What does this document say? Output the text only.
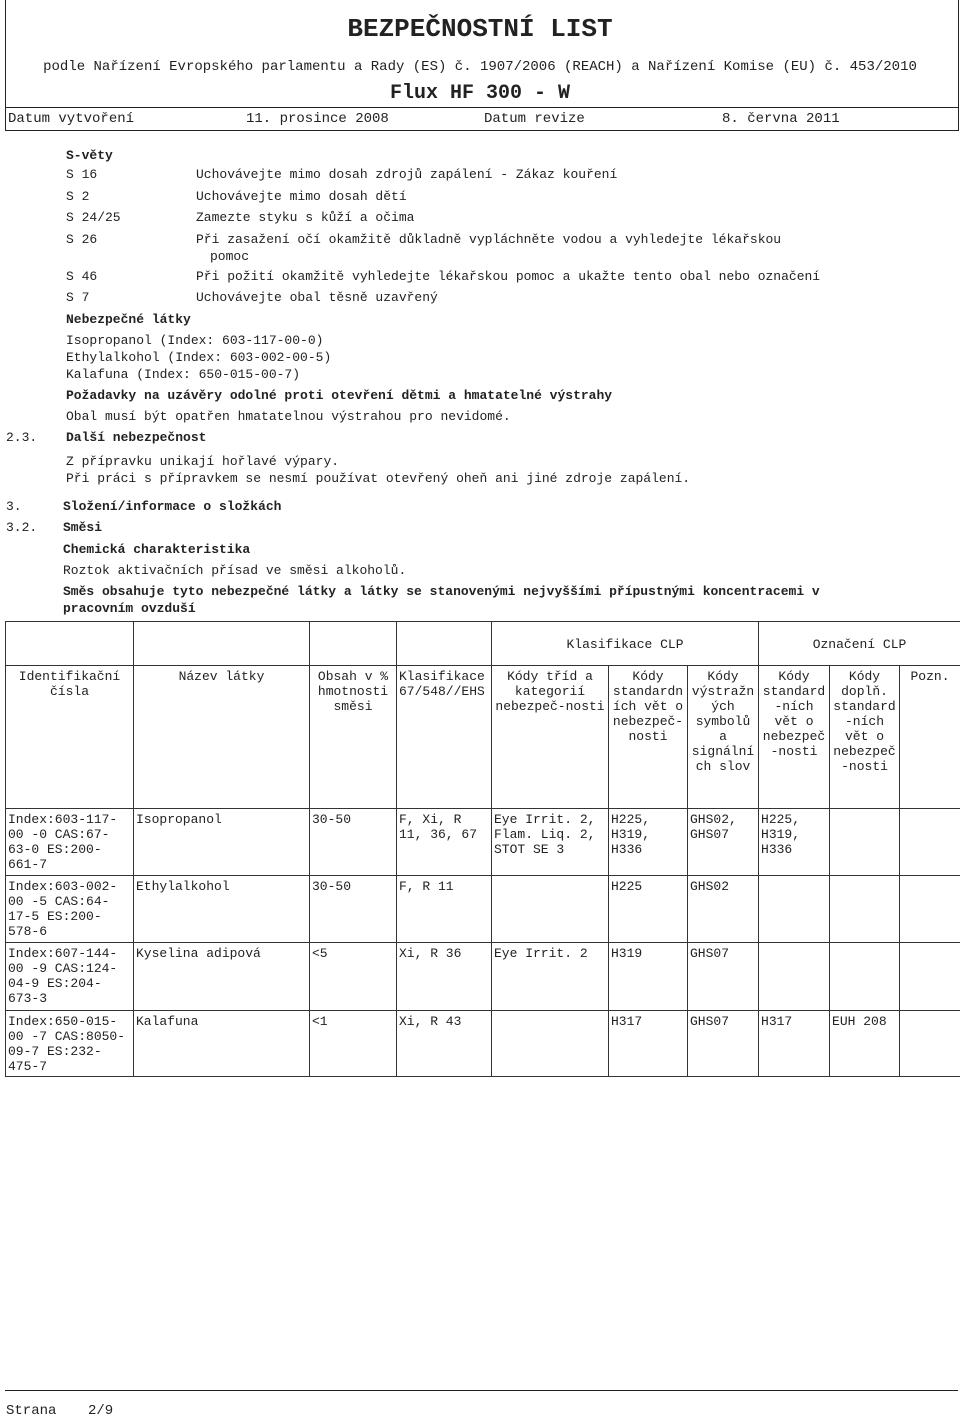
BEZPEČNOSTNÍ LIST
podle Nařízení Evropského parlamentu a Rady (ES) č. 1907/2006 (REACH) a Nařízení Komise (EU) č. 453/2010
Flux HF 300 - W
Datum vytvoření	11. prosince 2008	Datum revize	8. června 2011
S-věty
S 16	Uchovávejte mimo dosah zdrojů zapálení - Zákaz kouření
S 2	Uchovávejte mimo dosah dětí
S 24/25	Zamezte styku s kůží a očima
S 26	Při zasažení očí okamžitě důkladně vypláchněte vodou a vyhledejte lékařskou
pomoc
S 46	Při požití okamžitě vyhledejte lékařskou pomoc a ukažte tento obal nebo označení
S 7	Uchovávejte obal těsně uzavřený
Nebezpečné látky
Isopropanol (Index: 603-117-00-0)
Ethylalkohol (Index: 603-002-00-5)
Kalafuna (Index: 650-015-00-7)
Požadavky na uzávěry odolné proti otevření dětmi a hmatatelné výstrahy
Obal musí být opatřen hmatatelnou výstrahou pro nevidomé.
2.3. Další nebezpečnost
Z přípravku unikají hořlavé výpary.
Při práci s přípravkem se nesmí používat otevřený oheň ani jiné zdroje zapálení.
3.	Složení/informace o složkách
3.2. Směsi
Chemická charakteristika
Roztok aktivačních přísad ve směsi alkoholů.
Směs obsahuje tyto nebezpečné látky a látky se stanovenými nejvyššími přípustnými koncentracemi v
pracovním ovzduší
				Klasifikace CLP			Označení CLP		
Identifikační čísla	Název látky	Obsah v % hmotnosti směsi	Klasifikace 67/548//EHS	Kódy tříd a kategorií nebezpeč-nosti	Kódy standardn ích vět o nebezpeč- nosti	Kódy výstražn ých symbolů a signální ch slov	Kódy standard -ních vět o nebezpeč -nosti	Kódy doplň. standard -ních vět o nebezpeč -nosti	Pozn.
Index:603-117-00 -0 CAS:67-63-0 ES:200-661-7	Isopropanol	30-50	F, Xi, R 11, 36, 67	Eye Irrit. 2, Flam. Liq. 2, STOT SE 3	H225, H319, H336	GHS02, GHS07	H225, H319, H336		
Index:603-002-00 -5 CAS:64-17-5 ES:200-578-6	Ethylalkohol	30-50	F, R 11		H225	GHS02			
Index:607-144-00 -9 CAS:124-04-9 ES:204-673-3	Kyselina adipová	<5	Xi, R 36	Eye Irrit. 2	H319	GHS07			
Index:650-015-00 -7 CAS:8050-09-7 ES:232-475-7	Kalafuna	<1	Xi, R 43		H317	GHS07	H317	EUH 208	
Strana 2/9
